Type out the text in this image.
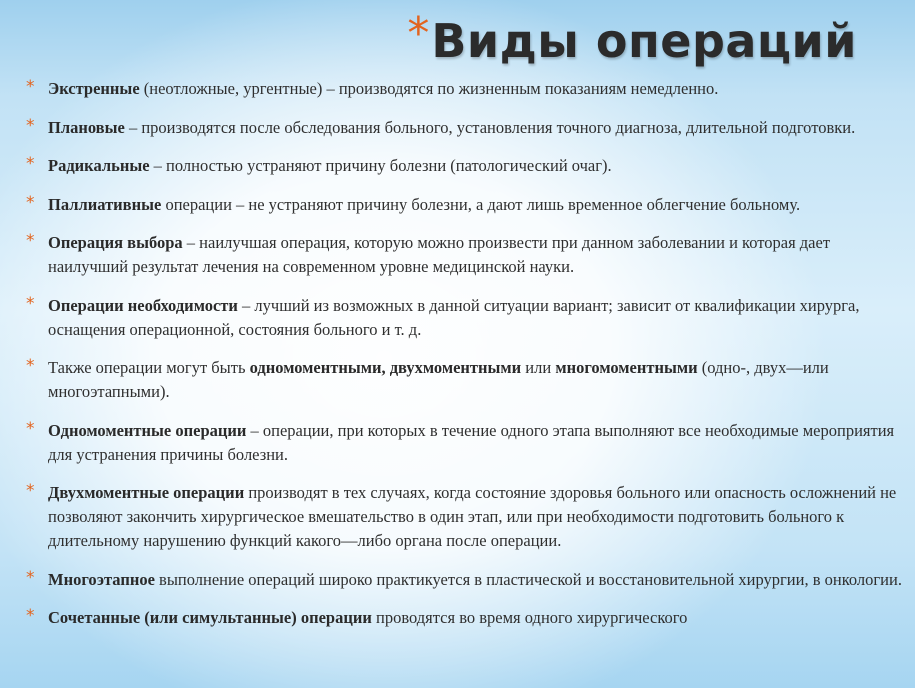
* Виды операций
* Экстренные (неотложные, ургентные) – производятся по жизненным показаниям немедленно.
* Плановые – производятся после обследования больного, установления точного диагноза, длительной подготовки.
* Радикальные – полностью устраняют причину болезни (патологический очаг).
* Паллиативные операции – не устраняют причину болезни, а дают лишь временное облегчение больному.
* Операция выбора – наилучшая операция, которую можно произвести при данном заболевании и которая дает наилучший результат лечения на современном уровне медицинской науки.
* Операции необходимости – лучший из возможных в данной ситуации вариант; зависит от квалификации хирурга, оснащения операционной, состояния больного и т. д.
* Также операции могут быть одномоментными, двухмоментными или многомоментными (одно-, двух—или многоэтапными).
* Одномоментные операции – операции, при которых в течение одного этапа выполняют все необходимые мероприятия для устранения причины болезни.
* Двухмоментные операции производят в тех случаях, когда состояние здоровья больного или опасность осложнений не позволяют закончить хирургическое вмешательство в один этап, или при необходимости подготовить больного к длительному нарушению функций какого—либо органа после операции.
* Многоэтапное выполнение операций широко практикуется в пластической и восстановительной хирургии, в онкологии.
* Сочетанные (или симультанные) операции проводятся во время одного хирургического
